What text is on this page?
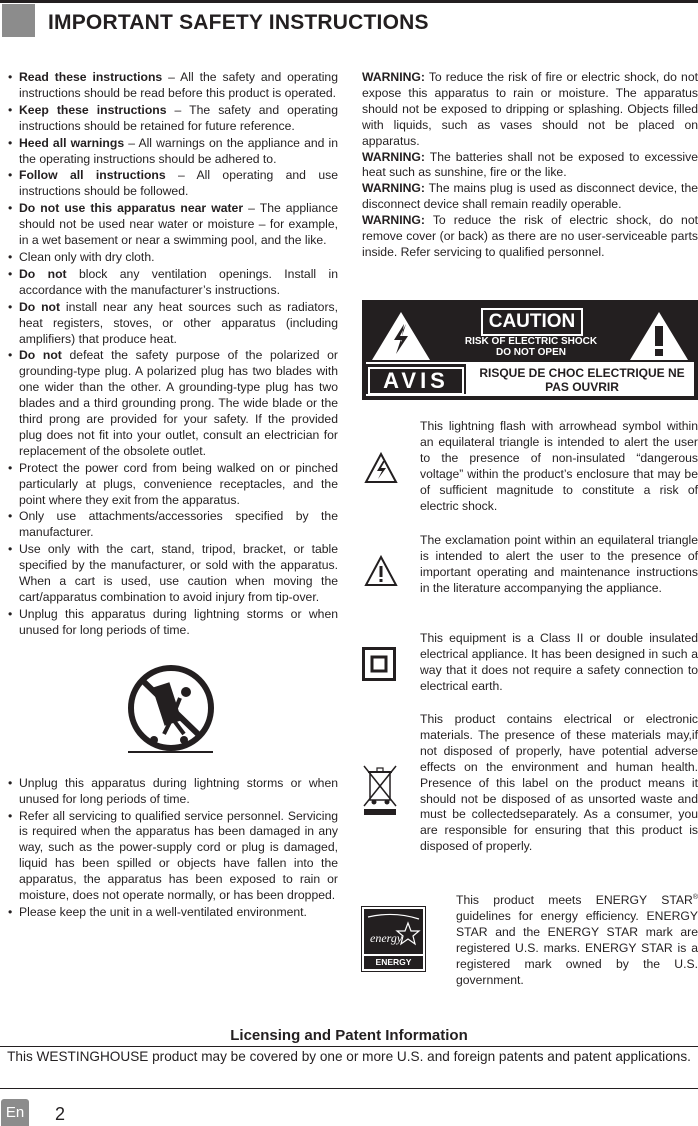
IMPORTANT SAFETY INSTRUCTIONS
• Read these instructions – All the safety and operating instructions should be read before this product is operated.
• Keep these instructions – The safety and operating instructions should be retained for future reference.
• Heed all warnings – All warnings on the appliance and in the operating instructions should be adhered to.
• Follow all instructions – All operating and use instructions should be followed.
• Do not use this apparatus near water – The appliance should not be used near water or moisture – for example, in a wet basement or near a swimming pool, and the like.
• Clean only with dry cloth.
• Do not block any ventilation openings. Install in accordance with the manufacturer’s instructions.
• Do not install near any heat sources such as radiators, heat registers, stoves, or other apparatus (including amplifiers) that produce heat.
• Do not defeat the safety purpose of the polarized or grounding-type plug. A polarized plug has two blades with one wider than the other. A grounding-type plug has two blades and a third grounding prong. The wide blade or the third prong are provided for your safety. If the provided plug does not fit into your outlet, consult an electrician for replacement of the obsolete outlet.
• Protect the power cord from being walked on or pinched particularly at plugs, convenience receptacles, and the point where they exit from the apparatus.
• Only use attachments/accessories specified by the manufacturer.
• Use only with the cart, stand, tripod, bracket, or table specified by the manufacturer, or sold with the apparatus. When a cart is used, use caution when moving the cart/apparatus combination to avoid injury from tip-over.
• Unplug this apparatus during lightning storms or when unused for long periods of time.
• Unplug this apparatus during lightning storms or when unused for long periods of time.
• Refer all servicing to qualified service personnel. Servicing is required when the apparatus has been damaged in any way, such as the power-supply cord or plug is damaged, liquid has been spilled or objects have fallen into the apparatus, the apparatus has been exposed to rain or moisture, does not operate normally, or has been dropped.
• Please keep the unit in a well-ventilated environment.

WARNING: To reduce the risk of fire or electric shock, do not expose this apparatus to rain or moisture. The apparatus should not be exposed to dripping or splashing. Objects filled with liquids, such as vases should not be placed on apparatus.

WARNING: The batteries shall not be exposed to excessive heat such as sunshine, fire or the like.

WARNING: The mains plug is used as disconnect device, the disconnect device shall remain readily operable.

WARNING: To reduce the risk of electric shock, do not remove cover (or back) as there are no user-serviceable parts inside. Refer servicing to qualified personnel.

CAUTION
RISK OF ELECTRIC SHOCK
DO NOT OPEN
AVIS	RISQUE DE CHOC ELECTRIQUE NE
PAS OUVRIR

This lightning flash with arrowhead symbol within an equilateral triangle is intended to alert the user to the presence of non-insulated “dangerous voltage” within the product’s enclosure that may be of sufficient magnitude to constitute a risk of electric shock.

The exclamation point within an equilateral triangle is intended to alert the user to the presence of important operating and maintenance instructions in the literature accompanying the appliance.

This equipment is a Class II or double insulated electrical appliance. It has been designed in such a way that it does not require a safety connection to electrical earth.

This product contains electrical or electronic materials. The presence of these materials may,if not disposed of properly, have potential adverse effects on the environment and human health. Presence of this label on the product means it should not be disposed of as unsorted waste and must be collectedseparately. As a consumer, you are responsible for ensuring that this product is disposed of properly.

energy
ENERGY STAR

This product meets ENERGY STAR® guidelines for energy efficiency. ENERGY STAR and the ENERGY STAR mark are registered U.S. marks. ENERGY STAR is a registered mark owned by the U.S. government.

Licensing and Patent Information

This WESTINGHOUSE product may be covered by one or more U.S. and foreign patents and patent applications.

En 2
